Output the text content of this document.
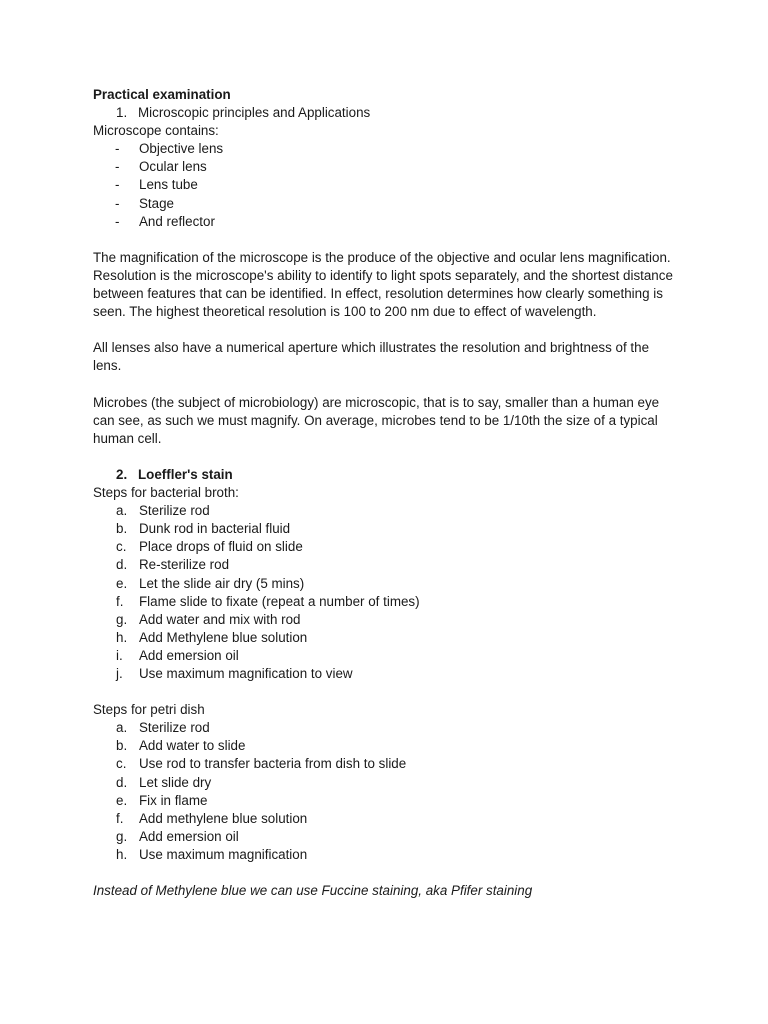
Practical examination

1. Microscopic principles and Applications

Microscope contains:

-	Objective lens
-	Ocular lens
-	Lens tube
-	Stage
-	And reflector

The magnification of the microscope is the produce of the objective and ocular lens magnification. Resolution is the microscope's ability to identify to light spots separately, and the shortest distance between features that can be identified. In effect, resolution determines how clearly something is seen. The highest theoretical resolution is 100 to 200 nm due to effect of wavelength.

All lenses also have a numerical aperture which illustrates the resolution and brightness of the lens.

Microbes (the subject of microbiology) are microscopic, that is to say, smaller than a human eye can see, as such we must magnify. On average, microbes tend to be 1/10th the size of a typical human cell.

2. Loeffler's stain

Steps for bacterial broth:

a. Sterilize rod
b. Dunk rod in bacterial fluid
c. Place drops of fluid on slide
d. Re-sterilize rod
e. Let the slide air dry (5 mins)
f.	Flame slide to fixate (repeat a number of times)
g. Add water and mix with rod
h. Add Methylene blue solution
i.	Add emersion oil
j.	Use maximum magnification to view

Steps for petri dish

a. Sterilize rod
b. Add water to slide
c. Use rod to transfer bacteria from dish to slide
d. Let slide dry
e. Fix in flame
f.	Add methylene blue solution
g. Add emersion oil
h. Use maximum magnification

Instead of Methylene blue we can use Fuccine staining, aka Pfifer staining
